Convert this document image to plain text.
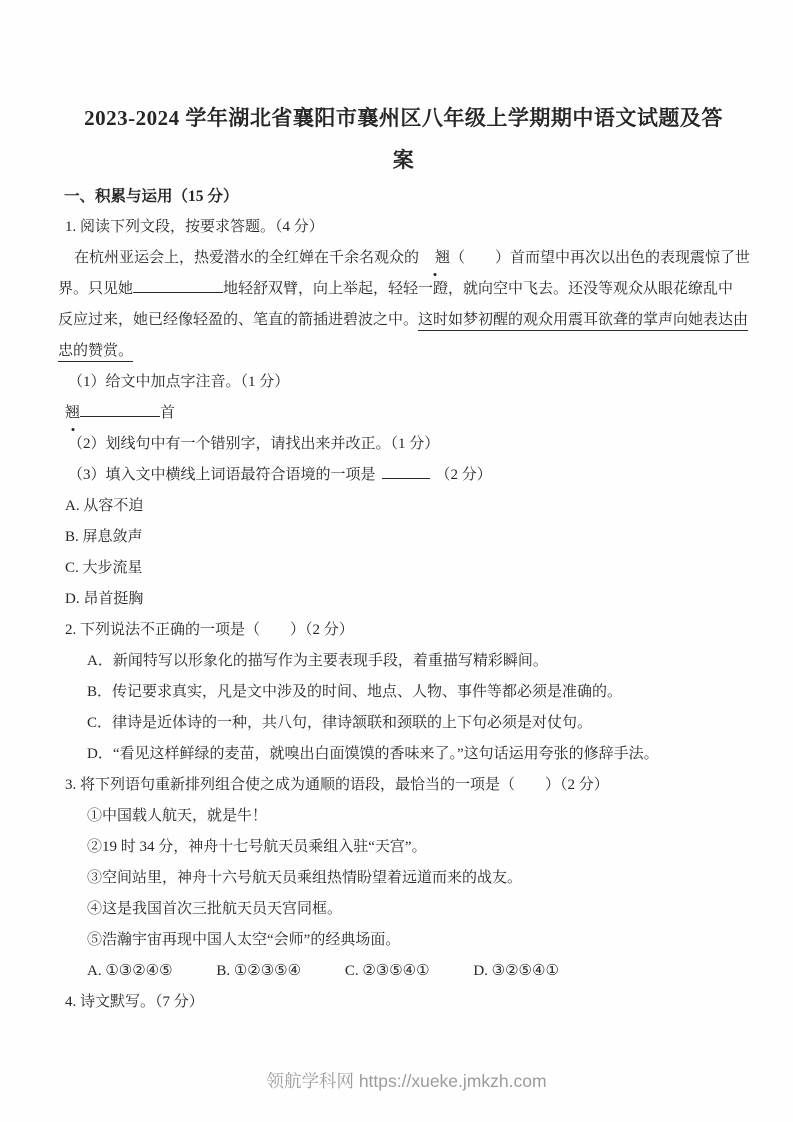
2023-2024 学年湖北省襄阳市襄州区八年级上学期期中语文试题及答
案
一、积累与运用（15 分）
1. 阅读下列文段，按要求答题。（4 分）
在杭州亚运会上，热爱潜水的全红婵在千余名观众的 翘（　　）首而望中再次以出色的表现震惊了世
界。只见她	地轻舒双臂，向上举起，轻轻一蹬，就向空中飞去。还没等观众从眼花缭乱中
反应过来，她已经像轻盈的、笔直的箭插进碧波之中。这时如梦初醒的观众用震耳欲聋的掌声向她表达由
忠的赞赏。
（1）给文中加点字注音。（1 分）
翘	首
（2）划线句中有一个错别字，请找出来并改正。（1 分）
（3）填入文中横线上词语最符合语境的一项是	（2 分）
A. 从容不迫
B. 屏息敛声
C. 大步流星
D. 昂首挺胸
2. 下列说法不正确的一项是（　　）（2 分）
A．新闻特写以形象化的描写作为主要表现手段，着重描写精彩瞬间。
B．传记要求真实，凡是文中涉及的时间、地点、人物、事件等都必须是准确的。
C．律诗是近体诗的一种，共八句，律诗颔联和颈联的上下句必须是对仗句。
D．“看见这样鲜绿的麦苗，就嗅出白面馍馍的香味来了。”这句话运用夸张的修辞手法。
3. 将下列语句重新排列组合使之成为通顺的语段，最恰当的一项是（　　）（2 分）
①中国载人航天，就是牛！
②19 时 34 分，神舟十七号航天员乘组入驻“天宫”。
③空间站里，神舟十六号航天员乘组热情盼望着远道而来的战友。
④这是我国首次三批航天员天宫同框。
⑤浩瀚宇宙再现中国人太空“会师”的经典场面。
A. ①③②④⑤	B. ①②③⑤④	C. ②③⑤④①	D. ③②⑤④①
4. 诗文默写。（7 分）
领航学科网 https://xueke.jmkzh.com
